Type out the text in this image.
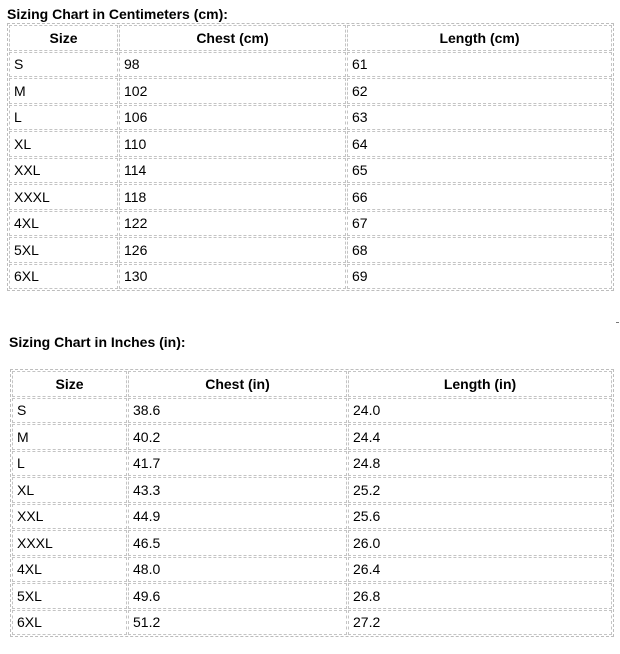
Sizing Chart in Centimeters (cm):
Size	Chest (cm)	Length (cm)
S	98	61
M	102	62
L	106	63
XL	110	64
XXL	114	65
XXXL	118	66
4XL	122	67
5XL	126	68
6XL	130	69
Sizing Chart in Inches (in):
Size	Chest (in)	Length (in)
S	38.6	24.0
M	40.2	24.4
L	41.7	24.8
XL	43.3	25.2
XXL	44.9	25.6
XXXL	46.5	26.0
4XL	48.0	26.4
5XL	49.6	26.8
6XL	51.2	27.2
